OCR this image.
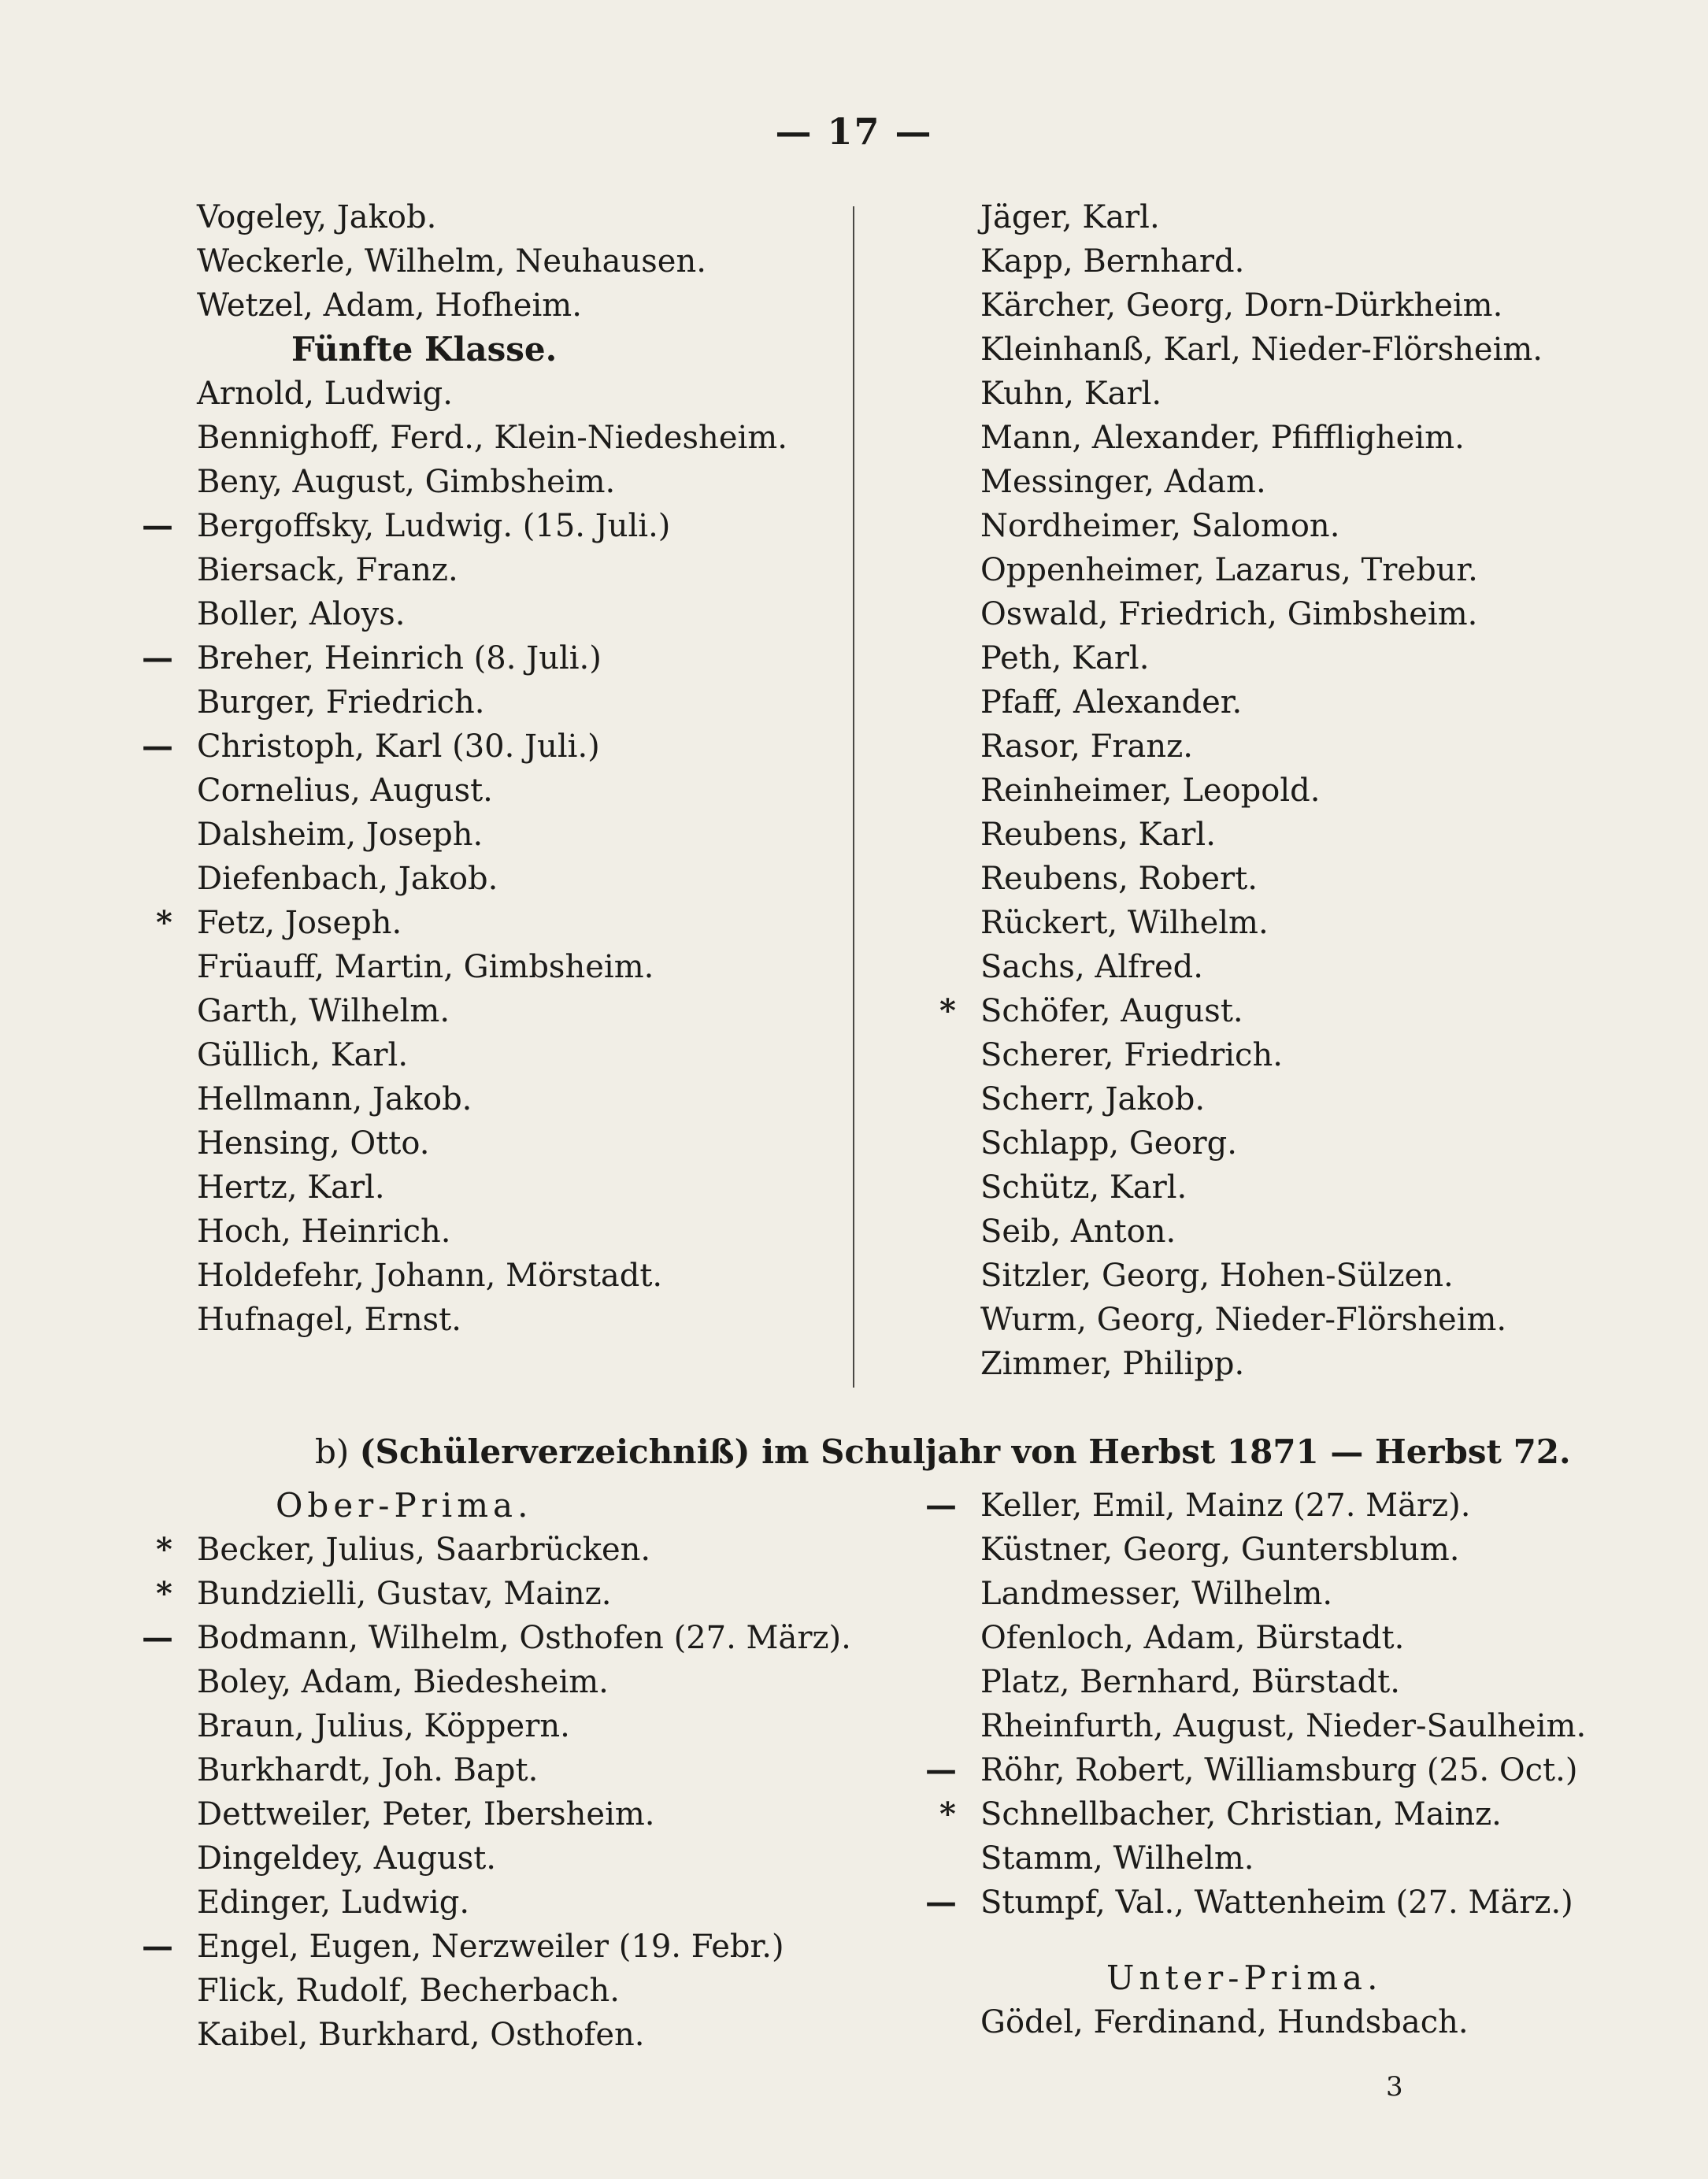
— 17 —
Vogeley, Jakob.
Weckerle, Wilhelm, Neuhausen.
Wetzel, Adam, Hofheim.
Fünfte Klasse.
Arnold, Ludwig.
Bennighoff, Ferd., Klein-Niedesheim.
Beny, August, Gimbsheim.
— Bergoffsky, Ludwig. (15. Juli.)
Biersack, Franz.
Boller, Aloys.
— Breher, Heinrich (8. Juli.)
Burger, Friedrich.
— Christoph, Karl (30. Juli.)
Cornelius, August.
Dalsheim, Joseph.
Diefenbach, Jakob.
* Fetz, Joseph.
Früauff, Martin, Gimbsheim.
Garth, Wilhelm.
Güllich, Karl.
Hellmann, Jakob.
Hensing, Otto.
Hertz, Karl.
Hoch, Heinrich.
Holdefehr, Johann, Mörstadt.
Hufnagel, Ernst.
Jäger, Karl.
Kapp, Bernhard.
Kärcher, Georg, Dorn-Dürkheim.
Kleinhanß, Karl, Nieder-Flörsheim.
Kuhn, Karl.
Mann, Alexander, Pfiffligheim.
Messinger, Adam.
Nordheimer, Salomon.
Oppenheimer, Lazarus, Trebur.
Oswald, Friedrich, Gimbsheim.
Peth, Karl.
Pfaff, Alexander.
Rasor, Franz.
Reinheimer, Leopold.
Reubens, Karl.
Reubens, Robert.
Rückert, Wilhelm.
Sachs, Alfred.
* Schöfer, August.
Scherer, Friedrich.
Scherr, Jakob.
Schlapp, Georg.
Schütz, Karl.
Seib, Anton.
Sitzler, Georg, Hohen-Sülzen.
Wurm, Georg, Nieder-Flörsheim.
Zimmer, Philipp.
b) (Schülerverzeichniß) im Schuljahr von Herbst 1871 — Herbst 72.
Ober-Prima.
* Becker, Julius, Saarbrücken.
* Bundzielli, Gustav, Mainz.
— Bodmann, Wilhelm, Osthofen (27. März).
Boley, Adam, Biedesheim.
Braun, Julius, Köppern.
Burkhardt, Joh. Bapt.
Dettweiler, Peter, Ibersheim.
Dingeldey, August.
Edinger, Ludwig.
— Engel, Eugen, Nerzweiler (19. Febr.)
Flick, Rudolf, Becherbach.
Kaibel, Burkhard, Osthofen.
— Keller, Emil, Mainz (27. März).
Küstner, Georg, Guntersblum.
Landmesser, Wilhelm.
Ofenloch, Adam, Bürstadt.
Platz, Bernhard, Bürstadt.
Rheinfurth, August, Nieder-Saulheim.
— Röhr, Robert, Williamsburg (25. Oct.)
* Schnellbacher, Christian, Mainz.
Stamm, Wilhelm.
— Stumpf, Val., Wattenheim (27. März.)
Unter-Prima.
Gödel, Ferdinand, Hundsbach.
3
